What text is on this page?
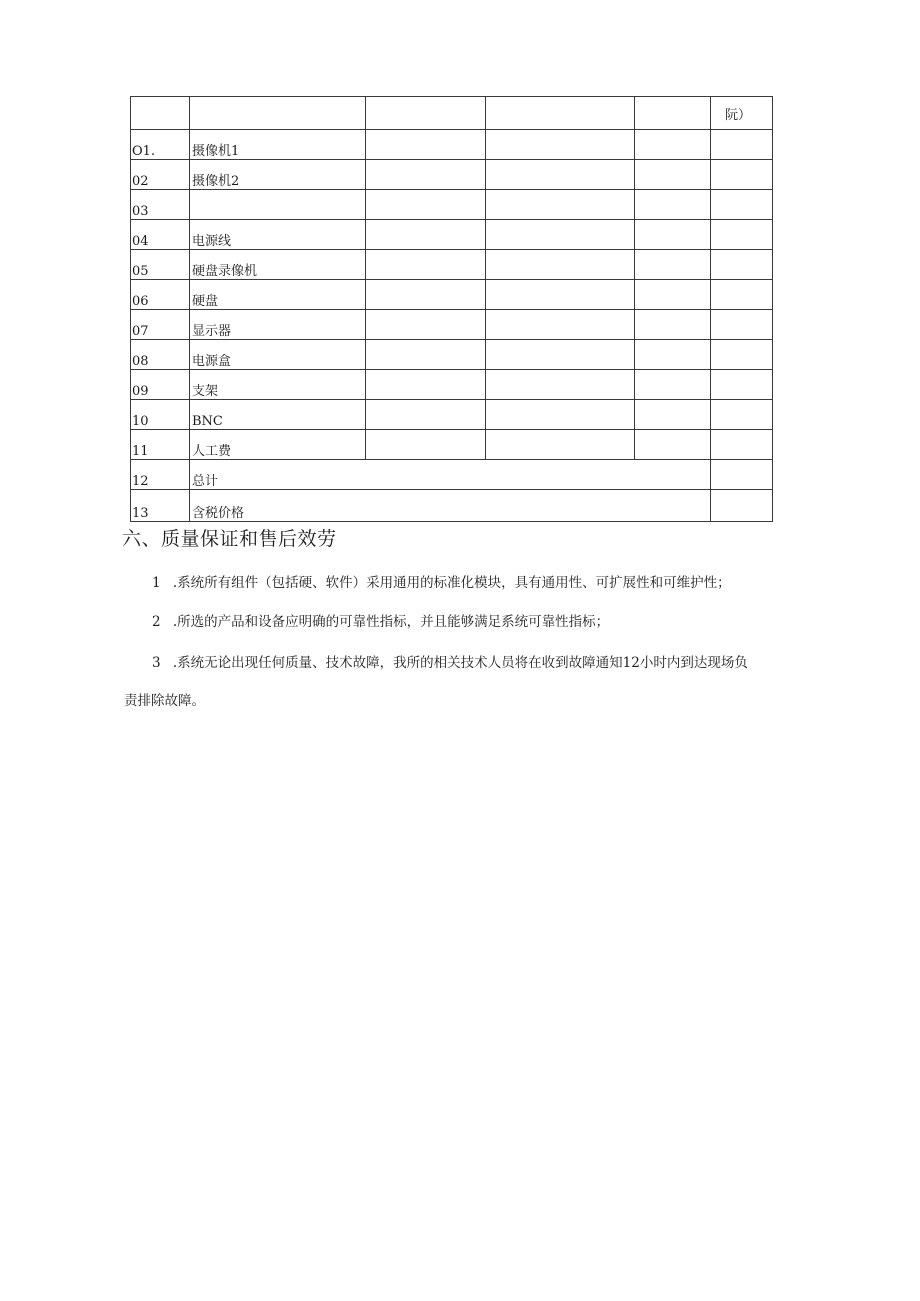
					阮）
O1.	摄像机1				
02	摄像机2				
03					
04	电源线				
05	硬盘录像机				
06	硬盘				
07	显示器				
08	电源盒				
09	支架				
10	BNC				
11	人工费				
12	总计				
13	含税价格				
六、质量保证和售后效劳

1 .系统所有组件（包括硬、软件）采用通用的标准化模块，具有通用性、可扩展性和可维护性；

2 .所选的产品和设备应明确的可靠性指标，并且能够满足系统可靠性指标；

3 .系统无论出现任何质量、技术故障，我所的相关技术人员将在收到故障通知12小时内到达现场负

责排除故障。
